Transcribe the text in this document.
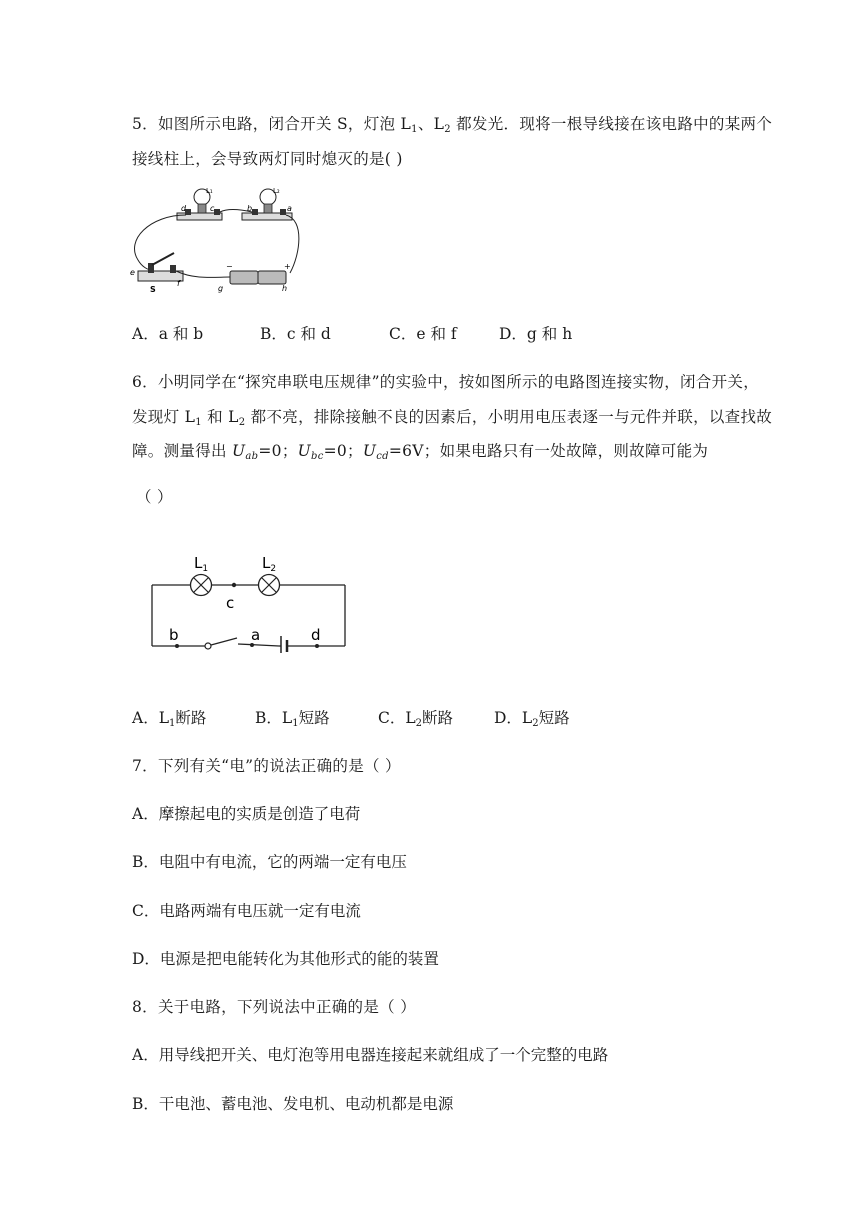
5．如图所示电路，闭合开关 S，灯泡 $L_1$、$L_2$ 都发光．现将一根导线接在该电路中的某两个
接线柱上，会导致两灯同时熄灭的是( )
d	c	b	a
L₁	L₂
e
f
S	g	h
−	+
A．a 和 b	B．c 和 d	C．e 和 f	D．g 和 h
6．小明同学在“探究串联电压规律”的实验中，按如图所示的电路图连接实物，闭合开关，
发现灯 $L_1$ 和 $L_2$ 都不亮，排除接触不良的因素后，小明用电压表逐一与元件并联，以查找故
障。测量得出 $U_{ab}=0$；$U_{bc}=0$；$U_{cd}=6V$；如果电路只有一处故障，则故障可能为
（ ）
$L_1$	$L_2$
c
b	a	d
A．$L_1$断路	B．$L_1$短路	C．$L_2$断路	D．$L_2$短路
7．下列有关“电”的说法正确的是（ ）
A．摩擦起电的实质是创造了电荷
B．电阻中有电流，它的两端一定有电压
C．电路两端有电压就一定有电流
D．电源是把电能转化为其他形式的能的装置
8．关于电路，下列说法中正确的是（ ）
A．用导线把开关、电灯泡等用电器连接起来就组成了一个完整的电路
B．干电池、蓄电池、发电机、电动机都是电源
